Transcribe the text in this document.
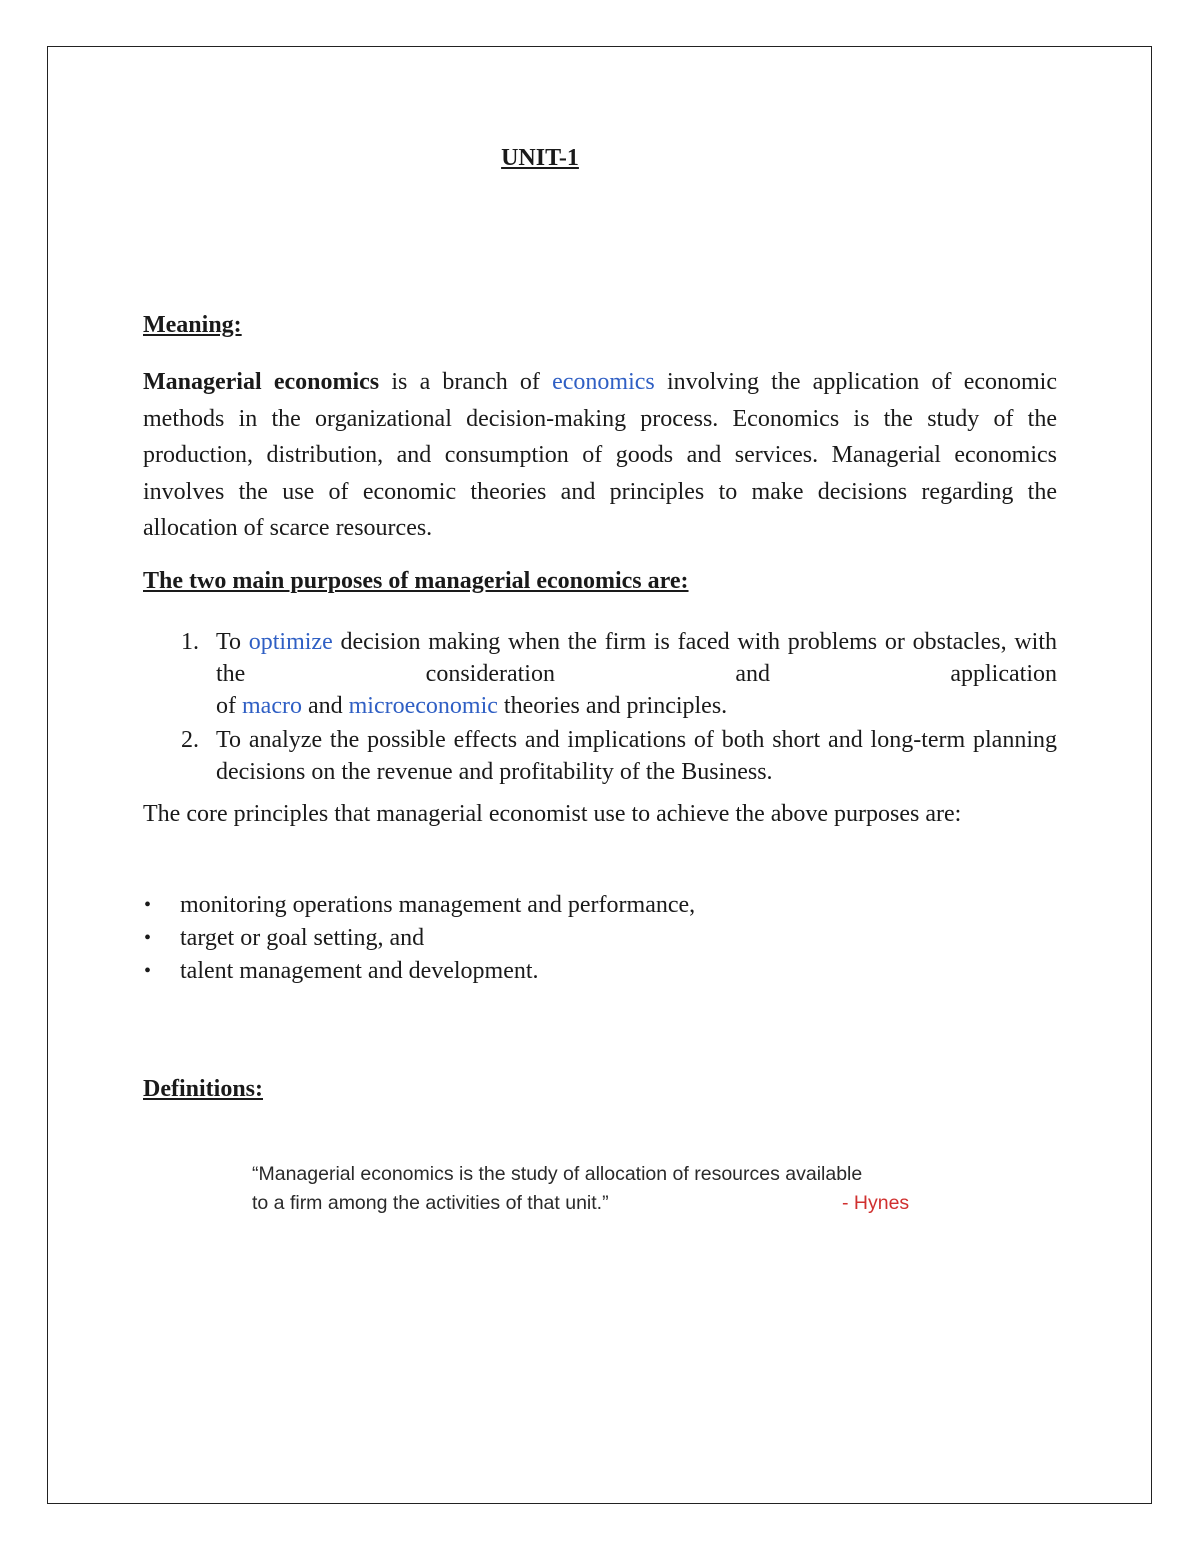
UNIT-1
Meaning:

Managerial economics is a branch of economics involving the application of economic methods in the organizational decision-making process. Economics is the study of the production, distribution, and consumption of goods and services. Managerial economics involves the use of economic theories and principles to make decisions regarding the allocation of scarce resources.

The two main purposes of managerial economics are:
1. To optimize decision making when the firm is faced with problems or obstacles, with the consideration and application
of macro and microeconomic theories and principles.
2. To analyze the possible effects and implications of both short and long-term planning decisions on the revenue and profitability of the Business.

The core principles that managerial economist use to achieve the above purposes are:

• monitoring operations management and performance,
• target or goal setting, and
• talent management and development.
Definitions:
“Managerial economics is the study of allocation of resources available
to a firm among the activities of that unit.”	- Hynes
